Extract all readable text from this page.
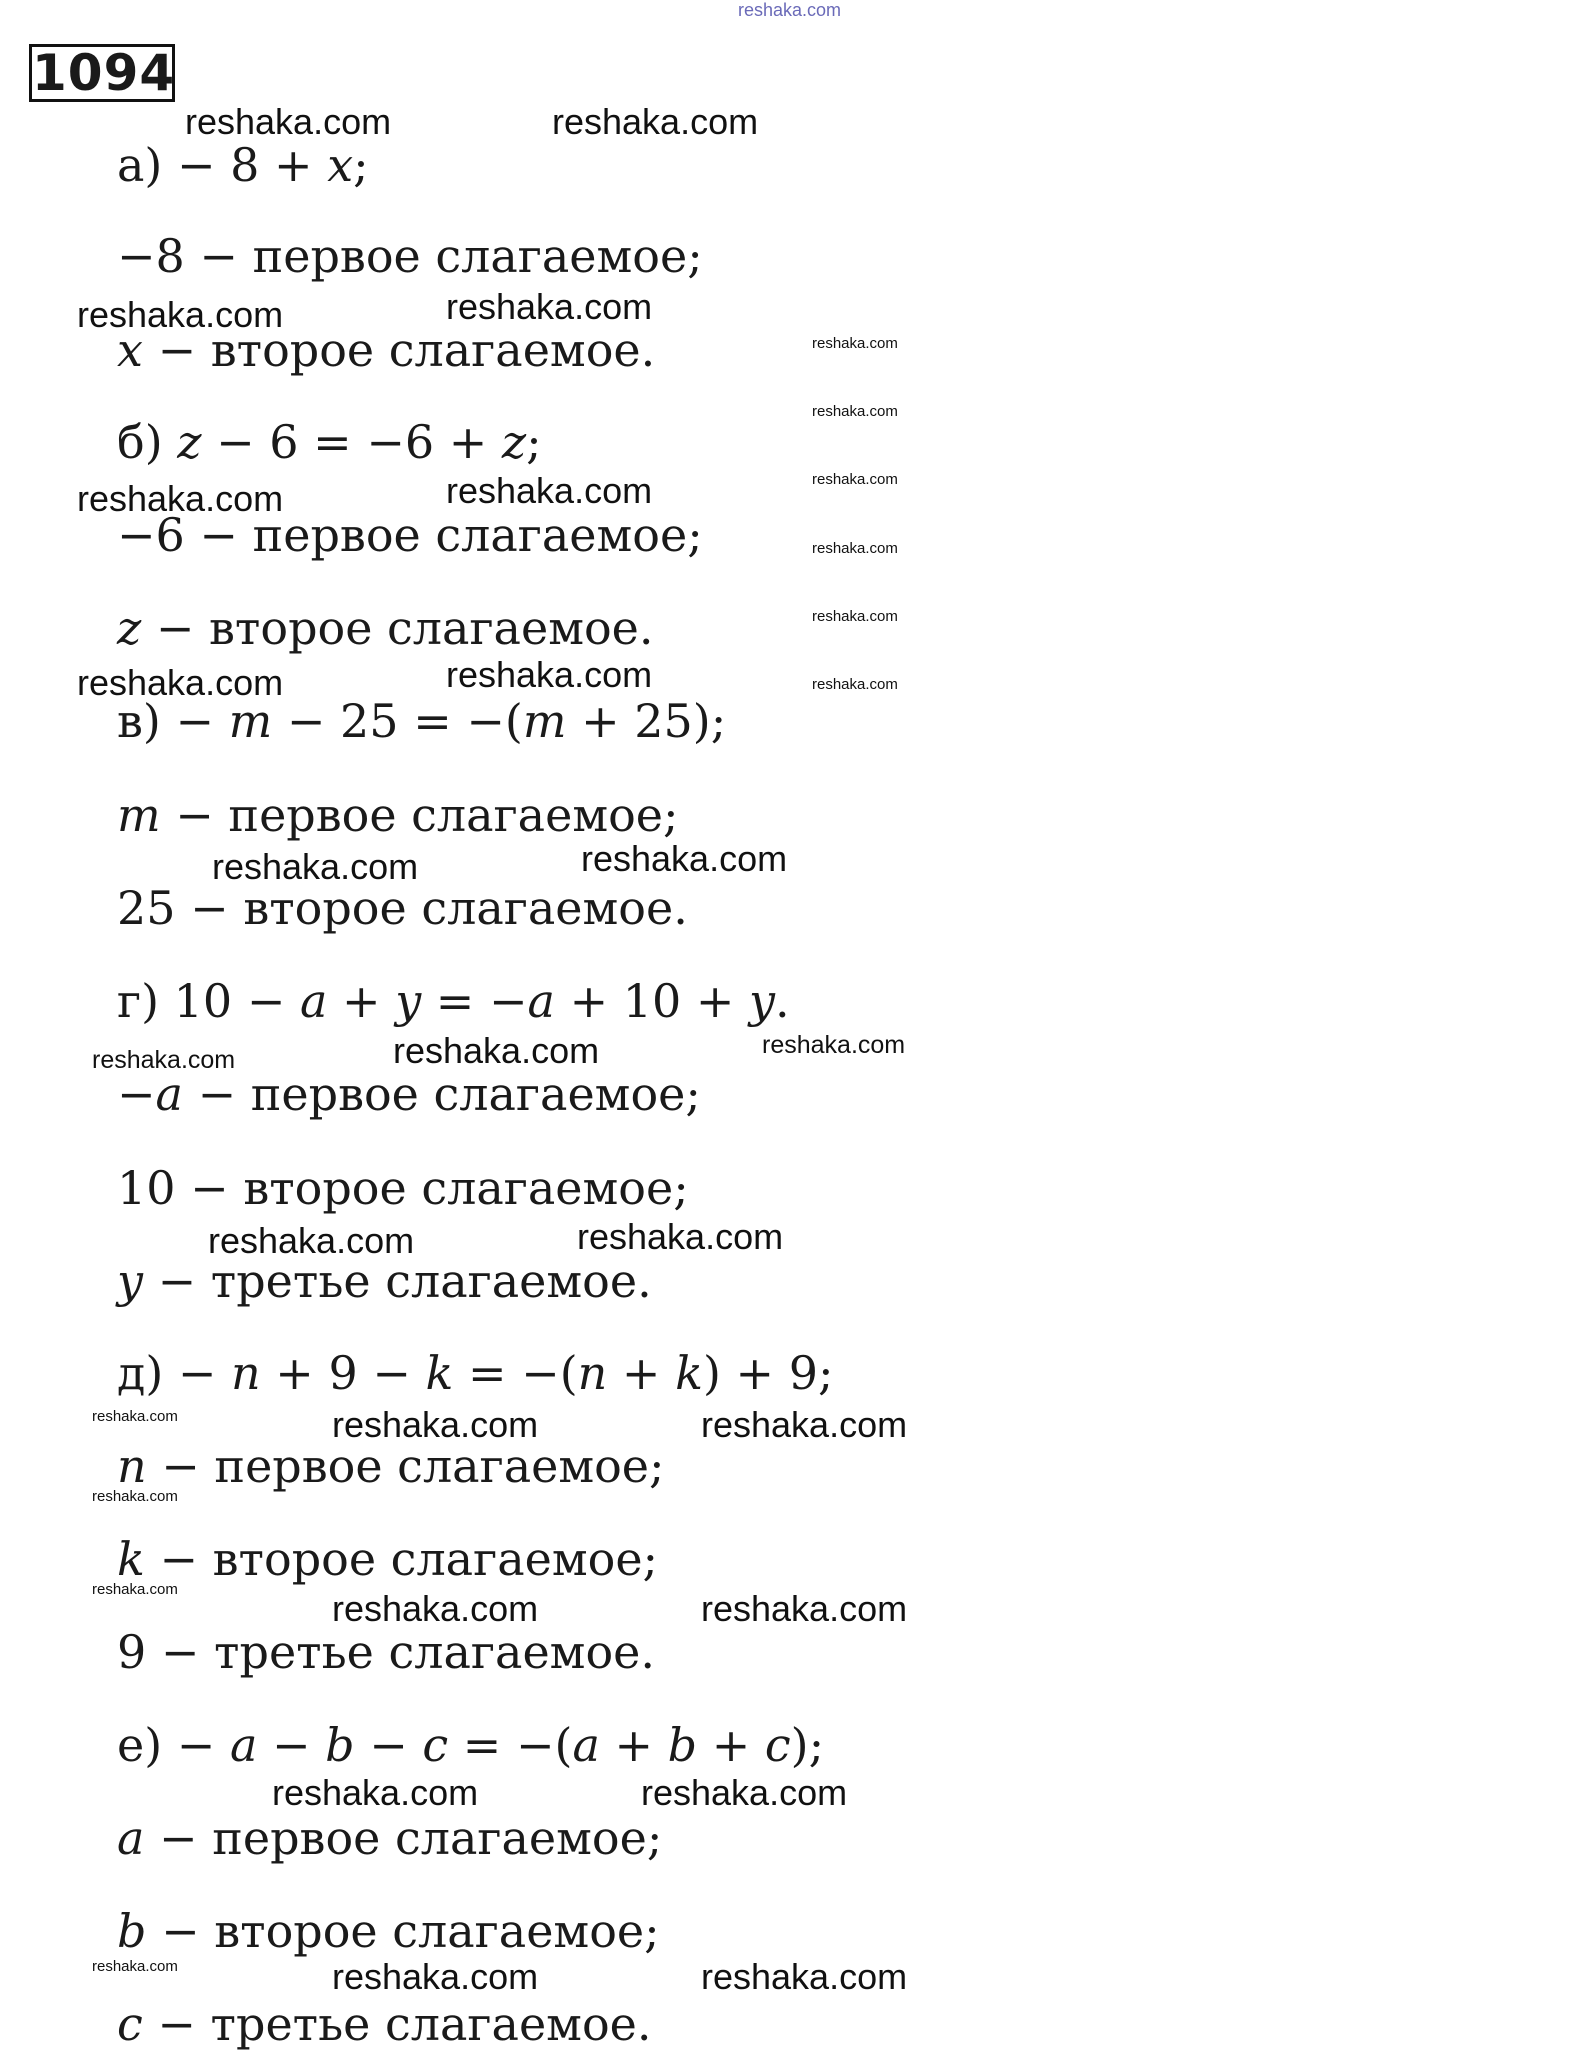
reshaka.com
1094
а) − 8 + 𝑥;
−8 − первое слагаемое;
𝑥 − второе слагаемое.
б) 𝑧 − 6 = −6 + 𝑧;
−6 − первое слагаемое;
𝑧 − второе слагаемое.
в) − 𝑚 − 25 = −(𝑚 + 25);
𝑚 − первое слагаемое;
25 − второе слагаемое.
г) 10 − 𝑎 + 𝑦 = −𝑎 + 10 + 𝑦.
−𝑎 − первое слагаемое;
10 − второе слагаемое;
𝑦 − третье слагаемое.
д) − 𝑛 + 9 − 𝑘 = −(𝑛 + 𝑘) + 9;
𝑛 − первое слагаемое;
𝑘 − второе слагаемое;
9 − третье слагаемое.
е) − 𝑎 − 𝑏 − 𝑐 = −(𝑎 + 𝑏 + 𝑐);
𝑎 − первое слагаемое;
𝑏 − второе слагаемое;
𝑐 − третье слагаемое.
reshaka.com	reshaka.com
reshaka.com	reshaka.com
reshaka.com
reshaka.com
reshaka.com
reshaka.com
reshaka.com
reshaka.com
reshaka.com	reshaka.com
reshaka.com	reshaka.com
reshaka.com	reshaka.com
reshaka.com	reshaka.com	reshaka.com
reshaka.com	reshaka.com
reshaka.com	reshaka.com	reshaka.com
reshaka.com
reshaka.com	reshaka.com	reshaka.com
reshaka.com	reshaka.com
reshaka.com	reshaka.com	reshaka.com
